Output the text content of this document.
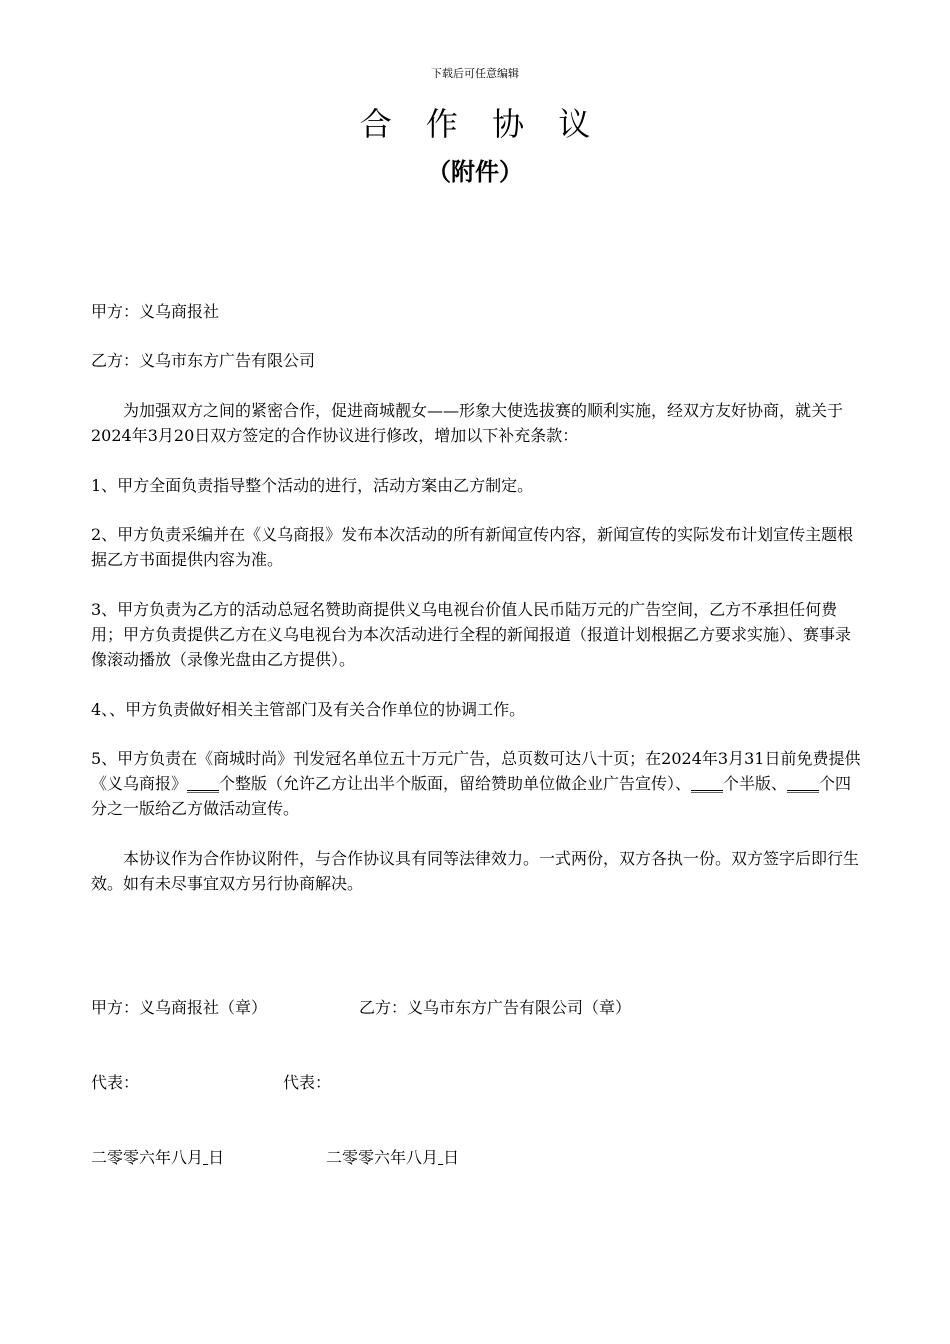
下载后可任意编辑
合 作 协 议
（附件）
甲方：义乌商报社
乙方：义乌市东方广告有限公司
为加强双方之间的紧密合作，促进商城靓女——形象大使选拔赛的顺利实施，经双方友好协商，就关于2024年3月20日双方签定的合作协议进行修改，增加以下补充条款：
1、甲方全面负责指导整个活动的进行，活动方案由乙方制定。
2、甲方负责采编并在《义乌商报》发布本次活动的所有新闻宣传内容，新闻宣传的实际发布计划宣传主题根据乙方书面提供内容为准。
3、甲方负责为乙方的活动总冠名赞助商提供义乌电视台价值人民币陆万元的广告空间，乙方不承担任何费用；甲方负责提供乙方在义乌电视台为本次活动进行全程的新闻报道（报道计划根据乙方要求实施）、赛事录像滚动播放（录像光盘由乙方提供）。
4、、甲方负责做好相关主管部门及有关合作单位的协调工作。
5、甲方负责在《商城时尚》刊发冠名单位五十万元广告，总页数可达八十页；在2024年3月31日前免费提供《义乌商报》____个整版（允许乙方让出半个版面，留给赞助单位做企业广告宣传）、____个半版、____个四分之一版给乙方做活动宣传。
本协议作为合作协议附件，与合作协议具有同等法律效力。一式两份，双方各执一份。双方签字后即行生效。如有未尽事宜双方另行协商解决。
甲方：义乌商报社（章）	乙方：义乌市东方广告有限公司（章）
代表：	代表：
二零零六年八月 日	二零零六年八月 日
